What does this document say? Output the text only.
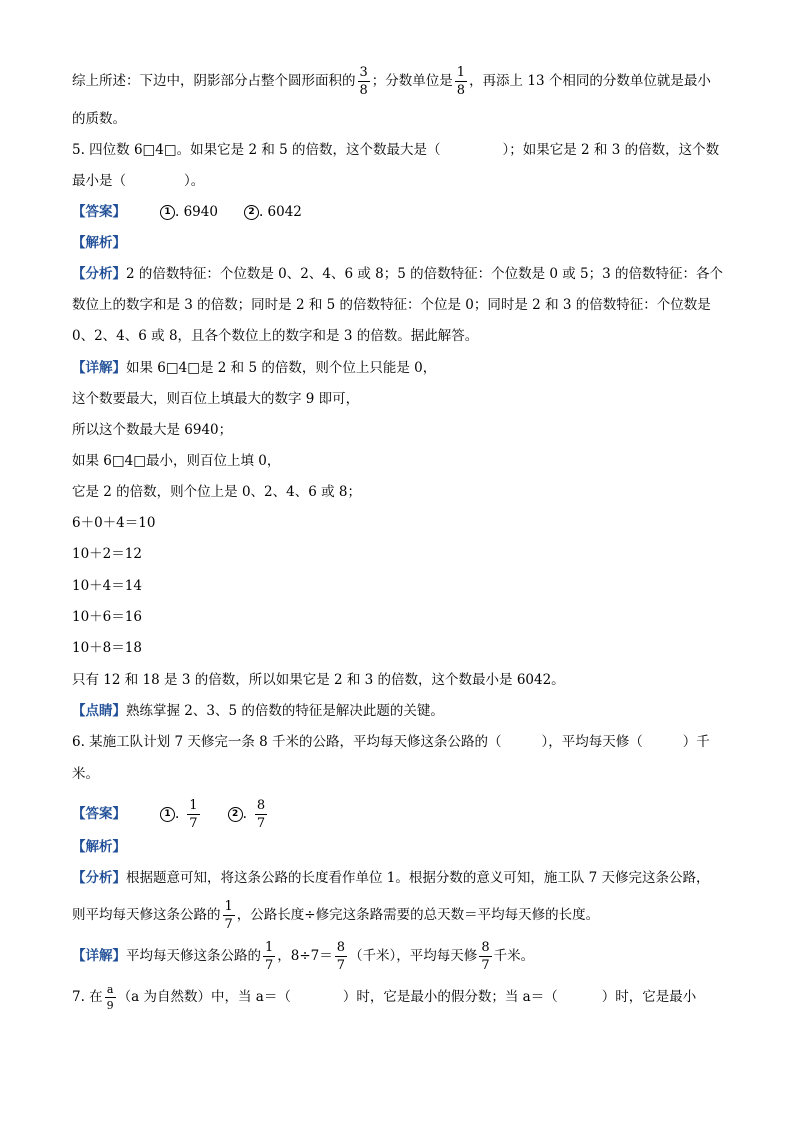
综上所述：下边中，阴影部分占整个圆形面积的 $\frac{3}{8}$ ；分数单位是 $\frac{1}{8}$ ，再添上 13 个相同的分数单位就是最小
的质数。
5. 四位数 6□4□。如果它是 2 和 5 的倍数，这个数最大是（	）；如果它是 2 和 3 的倍数，这个数
最小是（	）。
【答案】	1 . 6940	2 . 6042
【解析】
【分析】2 的倍数特征：个位数是 0、2、4、6 或 8；5 的倍数特征：个位数是 0 或 5；3 的倍数特征：各个
数位上的数字和是 3 的倍数；同时是 2 和 5 的倍数特征：个位是 0；同时是 2 和 3 的倍数特征：个位数是
0、2、4、6 或 8，且各个数位上的数字和是 3 的倍数。据此解答。
【详解】如果 6□4□是 2 和 5 的倍数，则个位上只能是 0，
这个数要最大，则百位上填最大的数字 9 即可，
所以这个数最大是 6940；
如果 6□4□最小，则百位上填 0，
它是 2 的倍数，则个位上是 0、2、4、6 或 8；
6＋0＋4＝10
10＋2＝12
10＋4＝14
10＋6＝16
10＋8＝18
只有 12 和 18 是 3 的倍数，所以如果它是 2 和 3 的倍数，这个数最小是 6042。
【点睛】熟练掌握 2、3、5 的倍数的特征是解决此题的关键。
6. 某施工队计划 7 天修完一条 8 千米的公路，平均每天修这条公路的（	），平均每天修（	）千
米。
【答案】	1 . $\frac{1}{7}$	2 . $\frac{8}{7}$
【解析】
【分析】根据题意可知，将这条公路的长度看作单位 1。根据分数的意义可知，施工队 7 天修完这条公路，
则平均每天修这条公路的 $\frac{1}{7}$ ，公路长度÷修完这条路需要的总天数＝平均每天修的长度。
【详解】 平均每天修这条公路的 $\frac{1}{7}$ ，$8\div 7= \frac{8}{7}$ （千米），平均每天修 $\frac{8}{7}$ 千米。
7. 在 $\frac{a}{9} (a$ 为自然数）中，当 a＝（	）时，它是最小的假分数；当 a＝（	）时，它是最小
